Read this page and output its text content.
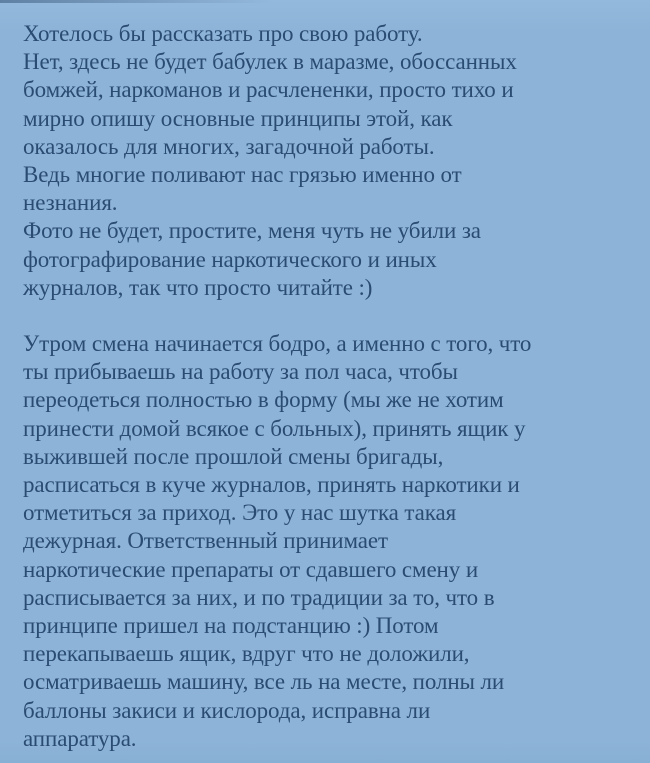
Хотелось бы рассказать про свою работу.
Нет, здесь не будет бабулек в маразме, обоссанных
бомжей, наркоманов и расчлененки, просто тихо и
мирно опишу основные принципы этой, как
оказалось для многих, загадочной работы.
Ведь многие поливают нас грязью именно от
незнания.
Фото не будет, простите, меня чуть не убили за
фотографирование наркотического и иных
журналов, так что просто читайте :)

Утром смена начинается бодро, а именно с того, что
ты прибываешь на работу за пол часа, чтобы
переодеться полностью в форму (мы же не хотим
принести домой всякое с больных), принять ящик у
выжившей после прошлой смены бригады,
расписаться в куче журналов, принять наркотики и
отметиться за приход. Это у нас шутка такая
дежурная. Ответственный принимает
наркотические препараты от сдавшего смену и
расписывается за них, и по традиции за то, что в
принципе пришел на подстанцию :) Потом
перекапываешь ящик, вдруг что не доложили,
осматриваешь машину, все ль на месте, полны ли
баллоны закиси и кислорода, исправна ли
аппаратура.
